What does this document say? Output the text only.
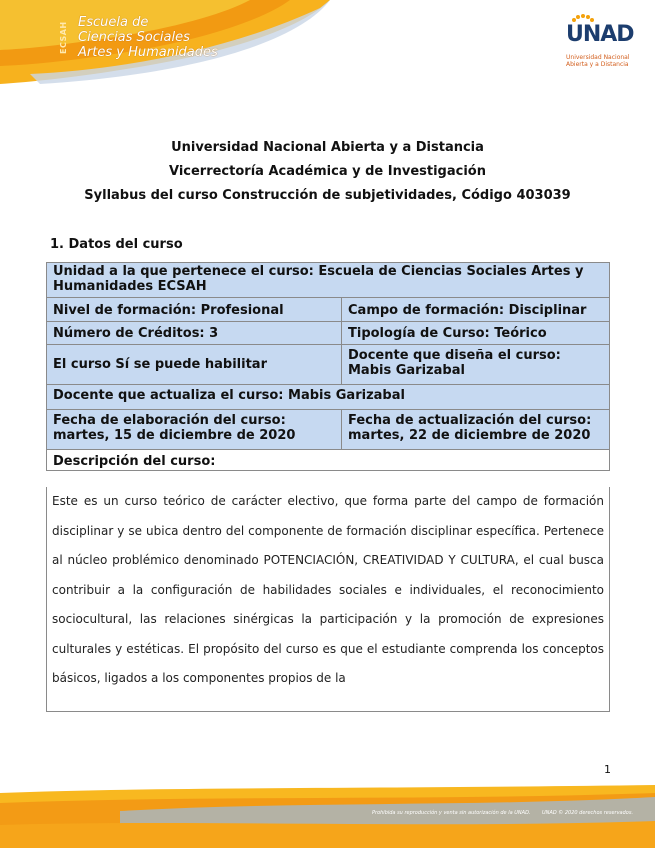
ECSAH Escuela de
Ciencias Sociales
Artes y Humanidades
UNAD
Universidad Nacional
Abierta y a Distancia
Universidad Nacional Abierta y a Distancia
Vicerrectoría Académica y de Investigación
Syllabus del curso Construcción de subjetividades, Código 403039
1. Datos del curso
Unidad a la que pertenece el curso: Escuela de Ciencias Sociales Artes y Humanidades ECSAH	
Nivel de formación: Profesional	Campo de formación: Disciplinar
Número de Créditos: 3	Tipología de Curso: Teórico
El curso Sí se puede habilitar	Docente que diseña el curso: Mabis Garizabal
Docente que actualiza el curso: Mabis Garizabal	
Fecha de elaboración del curso: martes, 15 de diciembre de 2020	Fecha de actualización del curso: martes, 22 de diciembre de 2020
Descripción del curso:	
Este es un curso teórico de carácter electivo, que forma parte del campo de formación disciplinar y se ubica dentro del componente de formación disciplinar específica. Pertenece al núcleo problémico denominado POTENCIACIÓN, CREATIVIDAD Y CULTURA, el cual busca contribuir a la configuración de habilidades sociales e individuales, el reconocimiento sociocultural, las relaciones sinérgicas la participación y la promoción de expresiones culturales y estéticas. El propósito del curso es que el estudiante comprenda los conceptos básicos, ligados a los componentes propios de la
1
Prohibida su reproducción y venta sin autorización de la UNAD. UNAD © 2020 derechos reservados.
